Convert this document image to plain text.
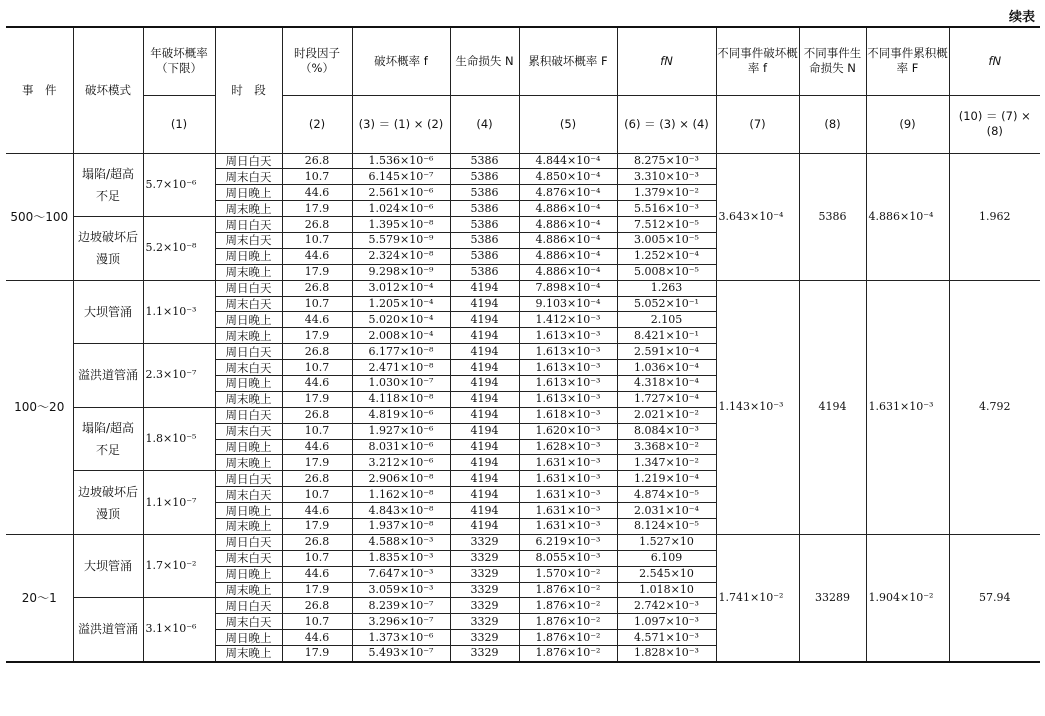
续表
事　件	破坏模式	年破坏概率（下限）	时　段	时段因子（%）	破坏概率 f	生命损失 N	累积破坏概率 F	fN	不同事件破坏概率 f	不同事件生命损失 N	不同事件累积概率 F	fN
		(1)		(2)	(3) ＝ (1) × (2)	(4)	(5)	(6) ＝ (3) × (4)	(7)	(8)	(9)	(10) ＝ (7) × (8)
500～100	塌陷/超高不足	5.7×10⁻⁶	周日白天	26.8	1.536×10⁻⁶	5386	4.844×10⁻⁴	8.275×10⁻³	3.643×10⁻⁴	5386	4.886×10⁻⁴	1.962
			周末白天	10.7	6.145×10⁻⁷	5386	4.850×10⁻⁴	3.310×10⁻³				
			周日晚上	44.6	2.561×10⁻⁶	5386	4.876×10⁻⁴	1.379×10⁻²				
			周末晚上	17.9	1.024×10⁻⁶	5386	4.886×10⁻⁴	5.516×10⁻³				
	边坡破坏后漫顶	5.2×10⁻⁸	周日白天	26.8	1.395×10⁻⁸	5386	4.886×10⁻⁴	7.512×10⁻⁵				
			周末白天	10.7	5.579×10⁻⁹	5386	4.886×10⁻⁴	3.005×10⁻⁵				
			周日晚上	44.6	2.324×10⁻⁸	5386	4.886×10⁻⁴	1.252×10⁻⁴				
			周末晚上	17.9	9.298×10⁻⁹	5386	4.886×10⁻⁴	5.008×10⁻⁵				
100～20	大坝管涌	1.1×10⁻³	周日白天	26.8	3.012×10⁻⁴	4194	7.898×10⁻⁴	1.263	1.143×10⁻³	4194	1.631×10⁻³	4.792
			周末白天	10.7	1.205×10⁻⁴	4194	9.103×10⁻⁴	5.052×10⁻¹				
			周日晚上	44.6	5.020×10⁻⁴	4194	1.412×10⁻³	2.105				
			周末晚上	17.9	2.008×10⁻⁴	4194	1.613×10⁻³	8.421×10⁻¹				
	溢洪道管涌	2.3×10⁻⁷	周日白天	26.8	6.177×10⁻⁸	4194	1.613×10⁻³	2.591×10⁻⁴				
			周末白天	10.7	2.471×10⁻⁸	4194	1.613×10⁻³	1.036×10⁻⁴				
			周日晚上	44.6	1.030×10⁻⁷	4194	1.613×10⁻³	4.318×10⁻⁴				
			周末晚上	17.9	4.118×10⁻⁸	4194	1.613×10⁻³	1.727×10⁻⁴				
	塌陷/超高不足	1.8×10⁻⁵	周日白天	26.8	4.819×10⁻⁶	4194	1.618×10⁻³	2.021×10⁻²				
			周末白天	10.7	1.927×10⁻⁶	4194	1.620×10⁻³	8.084×10⁻³				
			周日晚上	44.6	8.031×10⁻⁶	4194	1.628×10⁻³	3.368×10⁻²				
			周末晚上	17.9	3.212×10⁻⁶	4194	1.631×10⁻³	1.347×10⁻²				
	边坡破坏后漫顶	1.1×10⁻⁷	周日白天	26.8	2.906×10⁻⁸	4194	1.631×10⁻³	1.219×10⁻⁴				
			周末白天	10.7	1.162×10⁻⁸	4194	1.631×10⁻³	4.874×10⁻⁵				
			周日晚上	44.6	4.843×10⁻⁸	4194	1.631×10⁻³	2.031×10⁻⁴				
			周末晚上	17.9	1.937×10⁻⁸	4194	1.631×10⁻³	8.124×10⁻⁵				
20～1	大坝管涌	1.7×10⁻²	周日白天	26.8	4.588×10⁻³	3329	6.219×10⁻³	1.527×10	1.741×10⁻²	33289	1.904×10⁻²	57.94
			周末白天	10.7	1.835×10⁻³	3329	8.055×10⁻³	6.109				
			周日晚上	44.6	7.647×10⁻³	3329	1.570×10⁻²	2.545×10				
			周末晚上	17.9	3.059×10⁻³	3329	1.876×10⁻²	1.018×10				
	溢洪道管涌	3.1×10⁻⁶	周日白天	26.8	8.239×10⁻⁷	3329	1.876×10⁻²	2.742×10⁻³				
			周末白天	10.7	3.296×10⁻⁷	3329	1.876×10⁻²	1.097×10⁻³				
			周日晚上	44.6	1.373×10⁻⁶	3329	1.876×10⁻²	4.571×10⁻³				
			周末晚上	17.9	5.493×10⁻⁷	3329	1.876×10⁻²	1.828×10⁻³				
